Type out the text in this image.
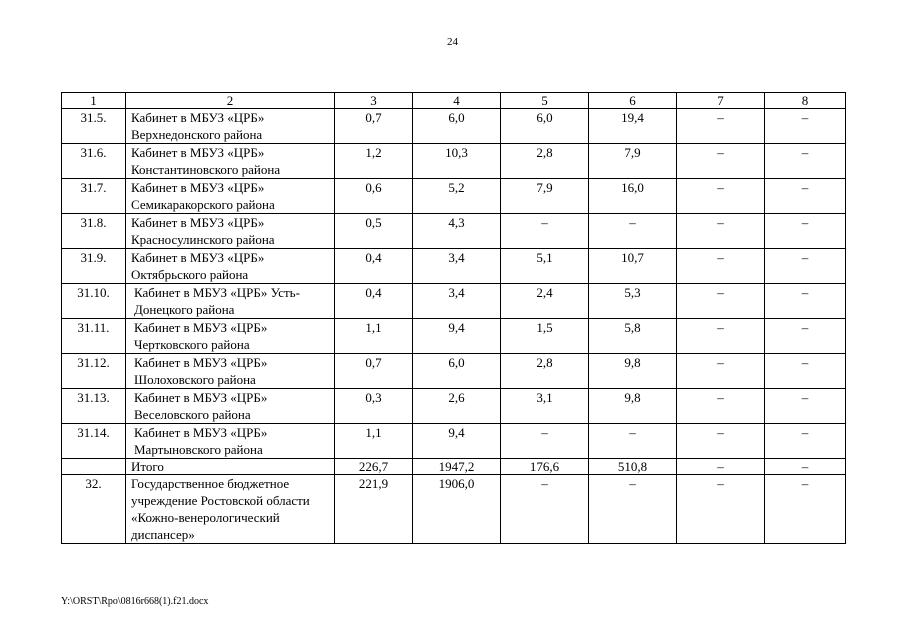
24
1	2	3	4	5	6	7	8
31.5.	Кабинет в МБУЗ «ЦРБ» Верхнедонского района	0,7	6,0	6,0	19,4	–	–
31.6.	Кабинет в МБУЗ «ЦРБ» Константиновского района	1,2	10,3	2,8	7,9	–	–
31.7.	Кабинет в МБУЗ «ЦРБ» Семикаракорского района	0,6	5,2	7,9	16,0	–	–
31.8.	Кабинет в МБУЗ «ЦРБ» Красносулинского района	0,5	4,3	–	–	–	–
31.9.	Кабинет в МБУЗ «ЦРБ» Октябрьского района	0,4	3,4	5,1	10,7	–	–
31.10.	Кабинет в МБУЗ «ЦРБ» Усть-Донецкого района	0,4	3,4	2,4	5,3	–	–
31.11.	Кабинет в МБУЗ «ЦРБ» Чертковского района	1,1	9,4	1,5	5,8	–	–
31.12.	Кабинет в МБУЗ «ЦРБ» Шолоховского района	0,7	6,0	2,8	9,8	–	–
31.13.	Кабинет в МБУЗ «ЦРБ» Веселовского района	0,3	2,6	3,1	9,8	–	–
31.14.	Кабинет в МБУЗ «ЦРБ» Мартыновского района	1,1	9,4	–	–	–	–
	Итого	226,7	1947,2	176,6	510,8	–	–
32.	Государственное бюджетное учреждение Ростовской области «Кожно-венерологический диспансер»	221,9	1906,0	–	–	–	–
Y:\ORST\Rpo\0816r668(1).f21.docx
